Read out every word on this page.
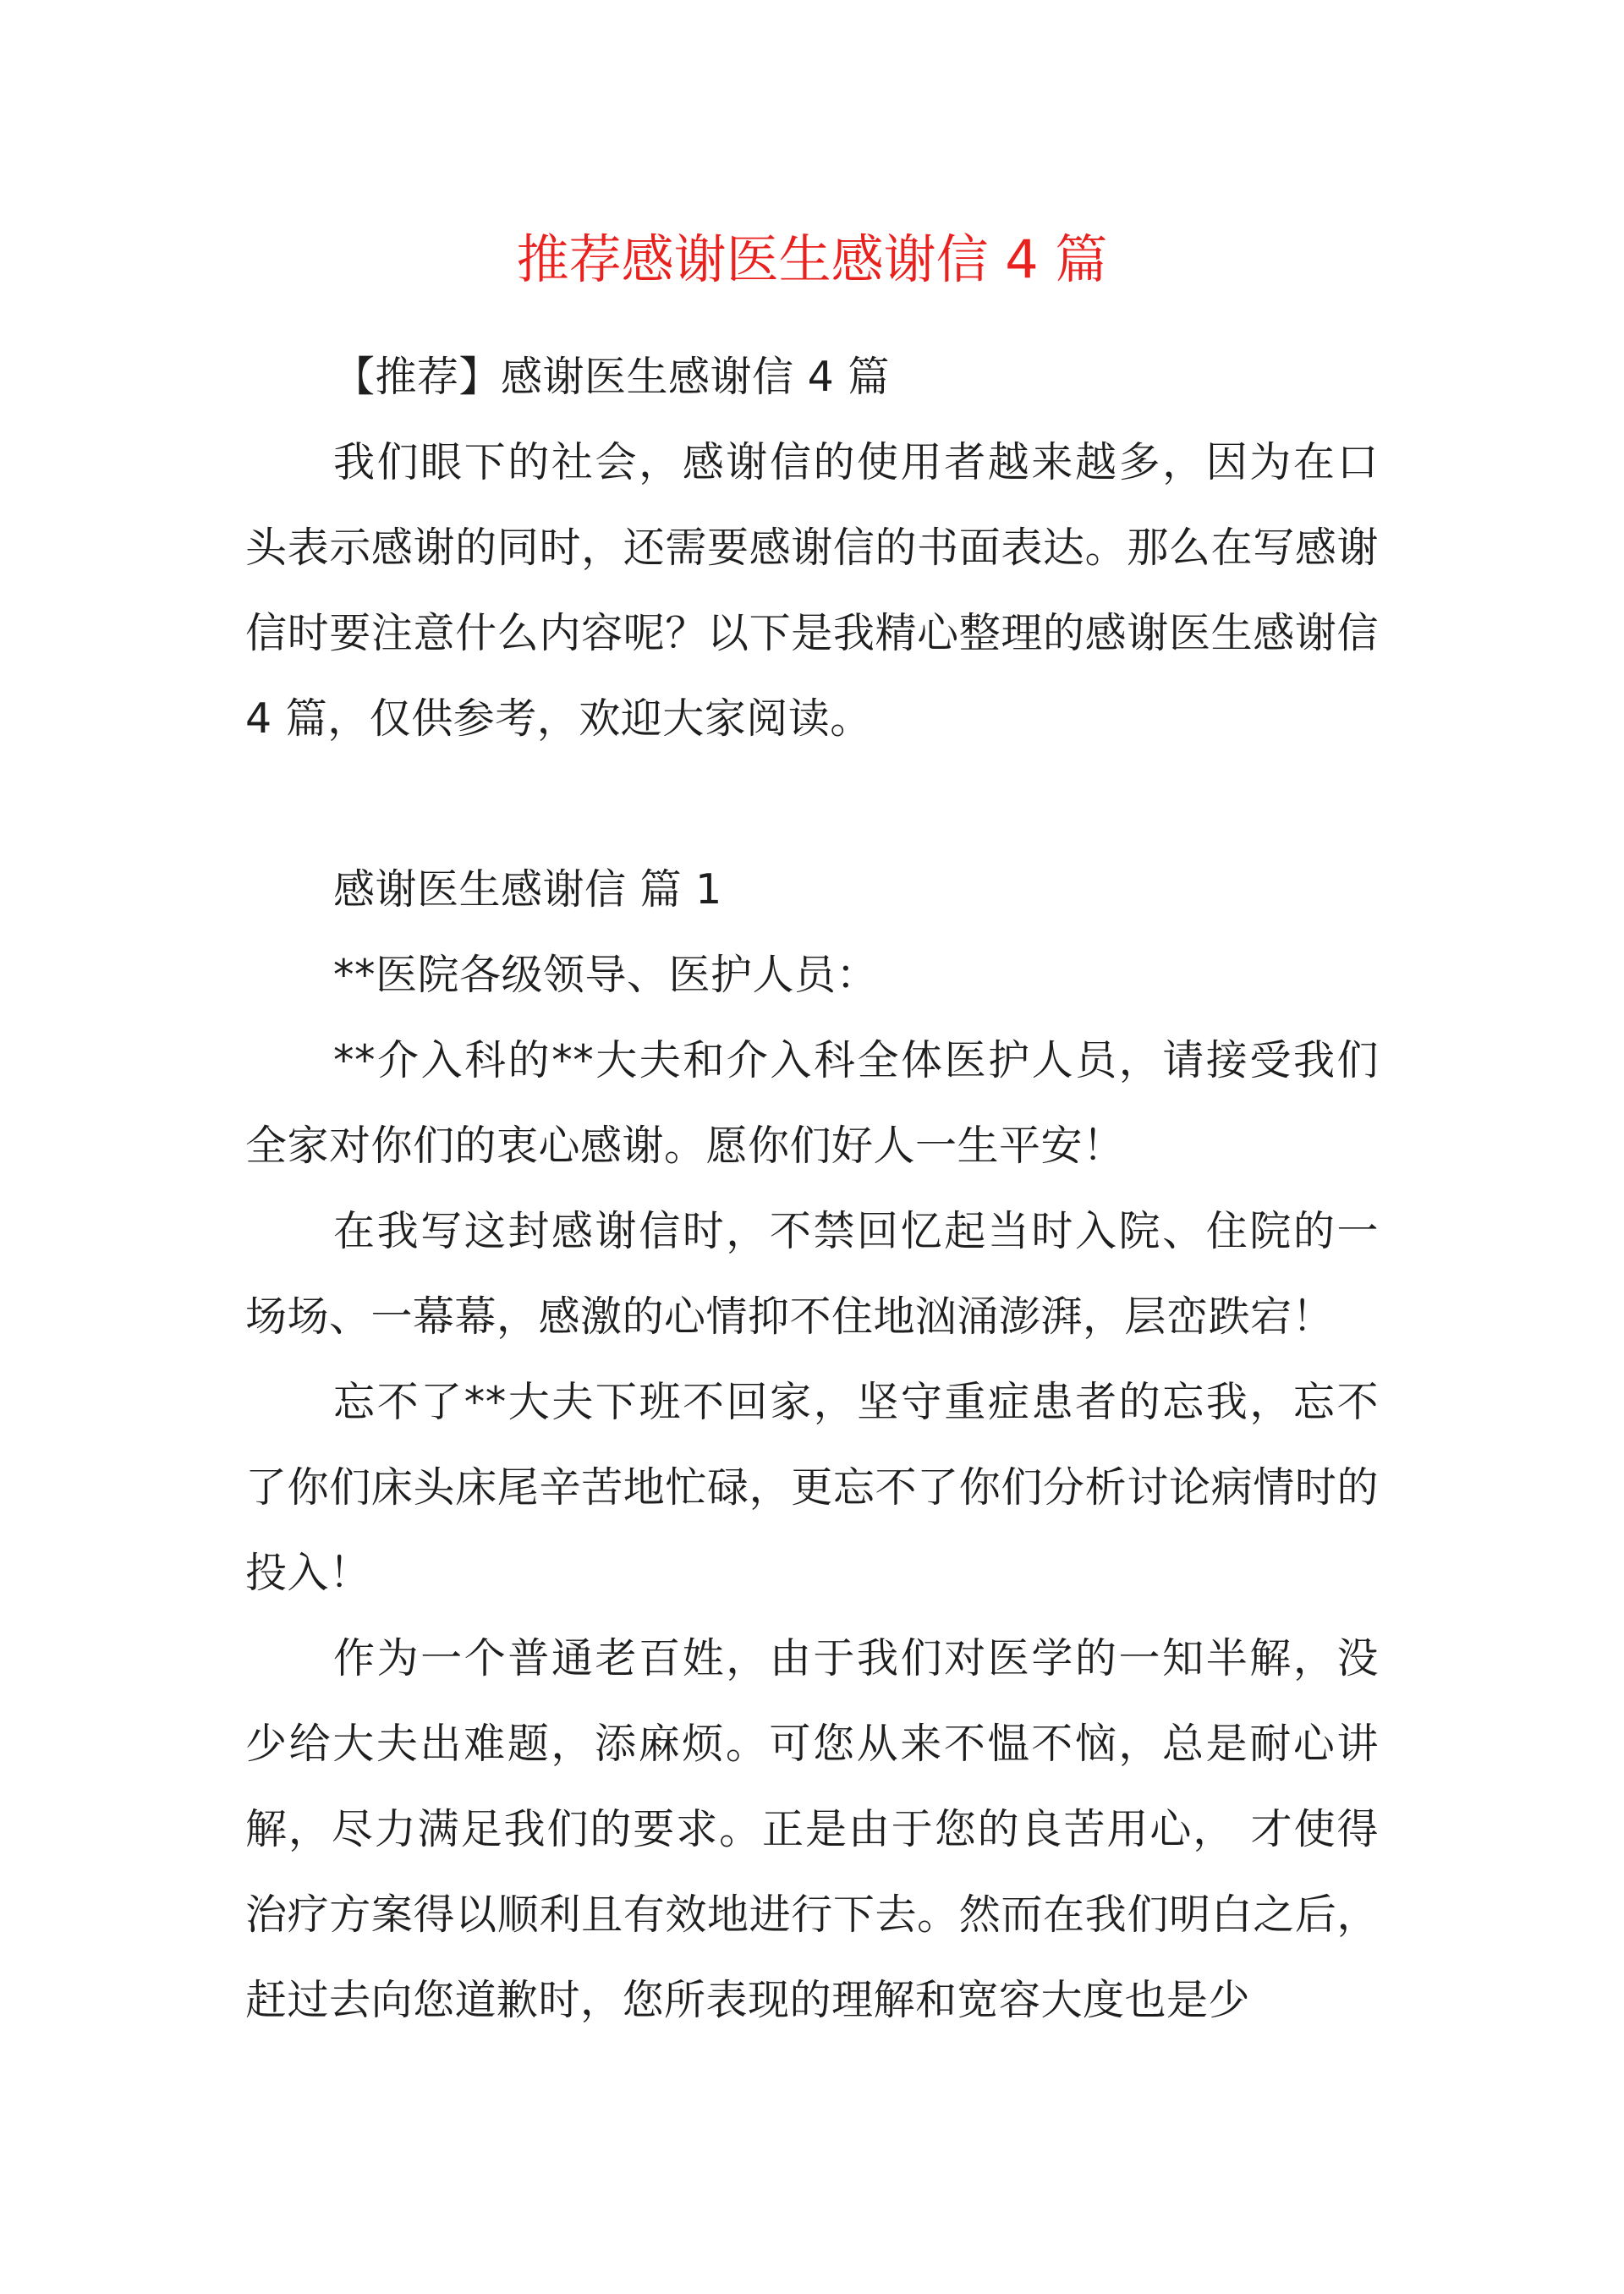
推荐感谢医生感谢信 4 篇

【推荐】感谢医生感谢信 4 篇

我们眼下的社会，感谢信的使用者越来越多，因为在口头表示感谢的同时，还需要感谢信的书面表达。那么在写感谢信时要注意什么内容呢？以下是我精心整理的感谢医生感谢信 4 篇，仅供参考，欢迎大家阅读。

感谢医生感谢信 篇 1

**医院各级领导、医护人员：

**介入科的**大夫和介入科全体医护人员，请接受我们全家对你们的衷心感谢。愿你们好人一生平安！

在我写这封感谢信时，不禁回忆起当时入院、住院的一场场、一幕幕，感激的心情抑不住地汹涌澎湃，层峦跌宕！

忘不了**大夫下班不回家，坚守重症患者的忘我，忘不了你们床头床尾辛苦地忙碌，更忘不了你们分析讨论病情时的投入！

作为一个普通老百姓，由于我们对医学的一知半解，没少给大夫出难题，添麻烦。可您从来不愠不恼，总是耐心讲解，尽力满足我们的要求。正是由于您的良苦用心， 才使得治疗方案得以顺利且有效地进行下去。然而在我们明白之后，赶过去向您道歉时，您所表现的理解和宽容大度也是少
